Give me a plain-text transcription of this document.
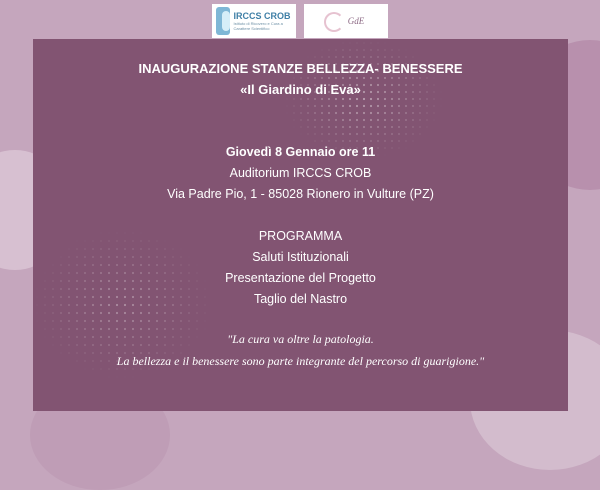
IRCCS CROB
Istituto di Ricovero e Cura a Carattere Scientifico
GdE
INAUGURAZIONE STANZE BELLEZZA- BENESSERE
«Il Giardino di Eva»
Giovedì 8 Gennaio ore 11
Auditorium IRCCS CROB
Via Padre Pio, 1 - 85028 Rionero in Vulture (PZ)
PROGRAMMA
Saluti Istituzionali
Presentazione del Progetto
Taglio del Nastro
"La cura va oltre la patologia.
La bellezza e il benessere sono parte integrante del percorso di guarigione."
